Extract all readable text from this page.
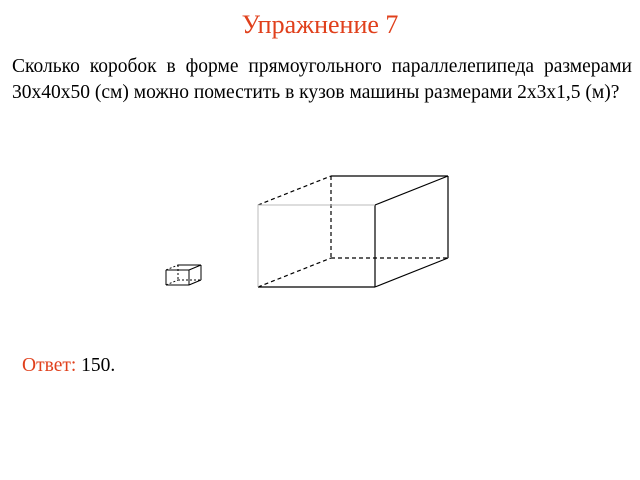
Упражнение 7
Сколько коробок в форме прямоугольного параллелепипеда размерами 30х40х50 (см) можно поместить в кузов машины размерами 2х3х1,5 (м)?
Ответ: 150.
